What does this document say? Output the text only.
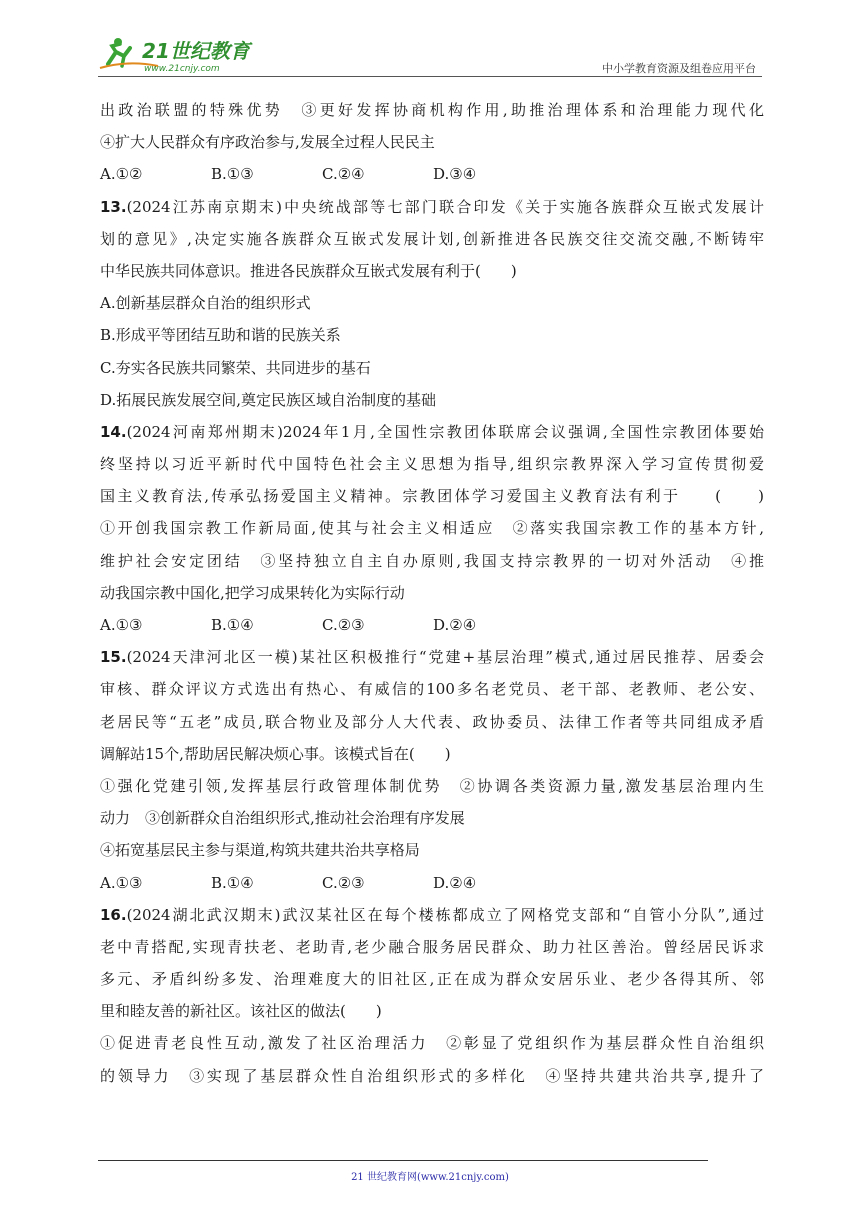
21世纪教育
www.21cnjy.com	中小学教育资源及组卷应用平台
出政治联盟的特殊优势　③更好发挥协商机构作用,助推治理体系和治理能力现代化
④扩大人民群众有序政治参与,发展全过程人民民主
A.①②	B.①③	C.②④	D.③④
13.(2024江苏南京期末)中央统战部等七部门联合印发《关于实施各族群众互嵌式发展计
划的意见》,决定实施各族群众互嵌式发展计划,创新推进各民族交往交流交融,不断铸牢
中华民族共同体意识。推进各民族群众互嵌式发展有利于(　　)
A.创新基层群众自治的组织形式
B.形成平等团结互助和谐的民族关系
C.夯实各民族共同繁荣、共同进步的基石
D.拓展民族发展空间,奠定民族区域自治制度的基础
14.(2024河南郑州期末)2024年1月,全国性宗教团体联席会议强调,全国性宗教团体要始
终坚持以习近平新时代中国特色社会主义思想为指导,组织宗教界深入学习宣传贯彻爱
国主义教育法,传承弘扬爱国主义精神。宗教团体学习爱国主义教育法有利于　　(　　)
①开创我国宗教工作新局面,使其与社会主义相适应　②落实我国宗教工作的基本方针,
维护社会安定团结　③坚持独立自主自办原则,我国支持宗教界的一切对外活动　④推
动我国宗教中国化,把学习成果转化为实际行动
A.①③	B.①④	C.②③	D.②④
15.(2024天津河北区一模)某社区积极推行“党建+基层治理”模式,通过居民推荐、居委会
审核、群众评议方式选出有热心、有威信的100多名老党员、老干部、老教师、老公安、
老居民等“五老”成员,联合物业及部分人大代表、政协委员、法律工作者等共同组成矛盾
调解站15个,帮助居民解决烦心事。该模式旨在(　　)
①强化党建引领,发挥基层行政管理体制优势　②协调各类资源力量,激发基层治理内生
动力　③创新群众自治组织形式,推动社会治理有序发展
④拓宽基层民主参与渠道,构筑共建共治共享格局
A.①③	B.①④	C.②③	D.②④
16.(2024湖北武汉期末)武汉某社区在每个楼栋都成立了网格党支部和“自管小分队”,通过
老中青搭配,实现青扶老、老助青,老少融合服务居民群众、助力社区善治。曾经居民诉求
多元、矛盾纠纷多发、治理难度大的旧社区,正在成为群众安居乐业、老少各得其所、邻
里和睦友善的新社区。该社区的做法(　　)
①促进青老良性互动,激发了社区治理活力　②彰显了党组织作为基层群众性自治组织
的领导力　③实现了基层群众性自治组织形式的多样化　④坚持共建共治共享,提升了
21 世纪教育网(www.21cnjy.com)
